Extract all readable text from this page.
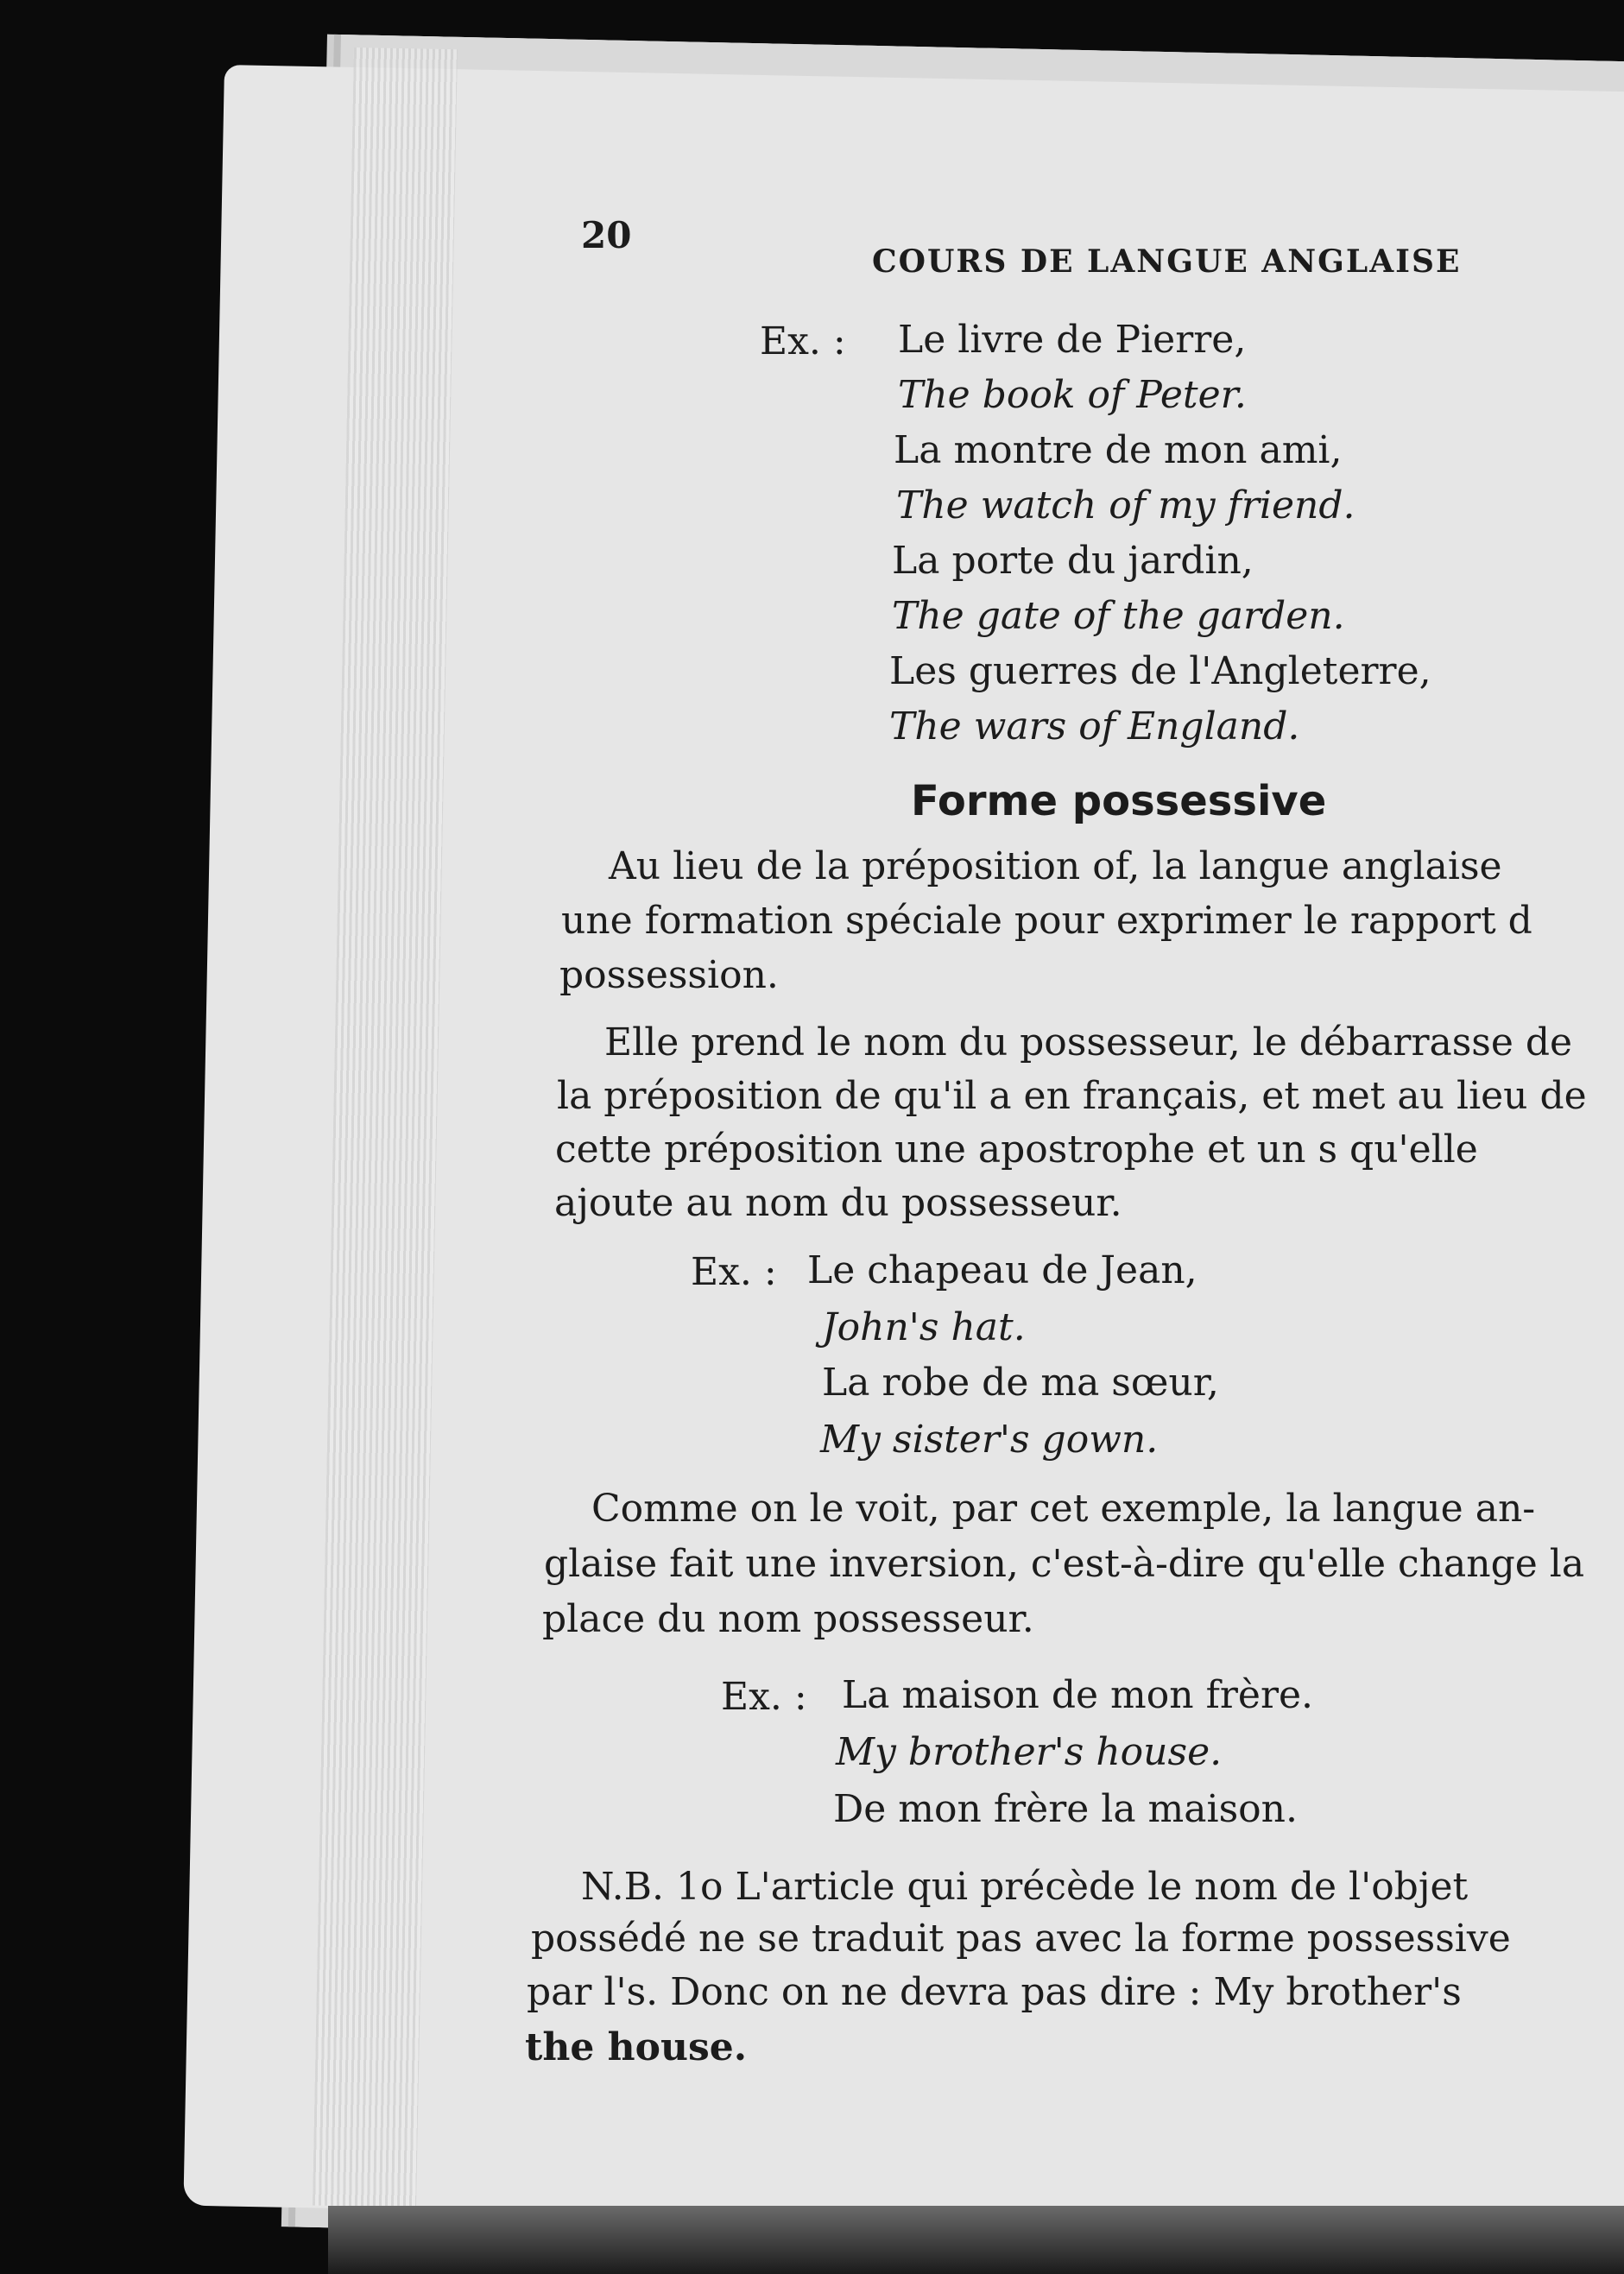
20
COURS DE LANGUE ANGLAISE
Ex. : Le livre de Pierre,
The book of Peter.
La montre de mon ami,
The watch of my friend.
La porte du jardin,
The gate of the garden.
Les guerres de l'Angleterre,
The wars of England.
Forme possessive
Au lieu de la préposition of, la langue anglaise
une formation spéciale pour exprimer le rapport d
possession.
Elle prend le nom du possesseur, le débarrasse de
la préposition de qu'il a en français, et met au lieu de
cette préposition une apostrophe et un s qu'elle
ajoute au nom du possesseur.
Ex. : Le chapeau de Jean,
John's hat.
La robe de ma sœur,
My sister's gown.
Comme on le voit, par cet exemple, la langue an-
glaise fait une inversion, c'est-à-dire qu'elle change la
place du nom possesseur.
Ex. : La maison de mon frère.
My brother's house.
De mon frère la maison.
N.B. 1o L'article qui précède le nom de l'objet
possédé ne se traduit pas avec la forme possessive
par l's. Donc on ne devra pas dire : My brother's
the house.
